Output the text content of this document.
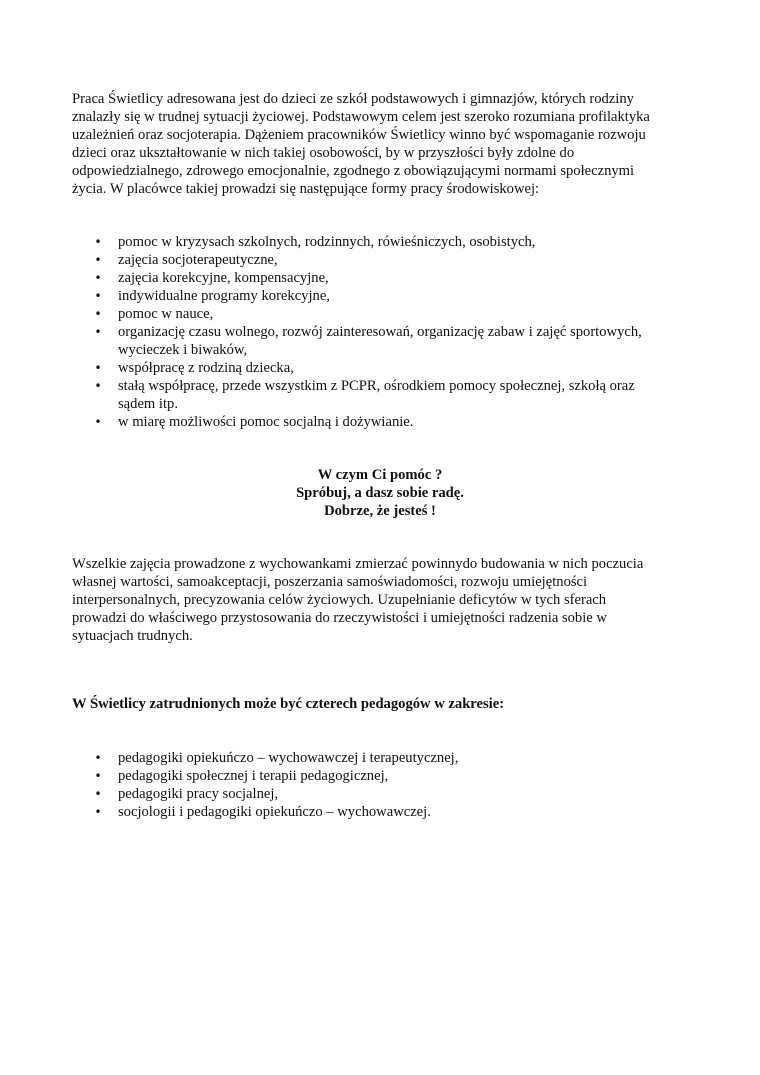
Praca Świetlicy adresowana jest do dzieci ze szkół podstawowych i gimnazjów, których rodziny
znalazły się w trudnej sytuacji życiowej. Podstawowym celem jest szeroko rozumiana profilaktyka
uzależnień oraz socjoterapia. Dążeniem pracowników Świetlicy winno być wspomaganie rozwoju
dzieci oraz ukształtowanie w nich takiej osobowości, by w przyszłości były zdolne do
odpowiedzialnego, zdrowego emocjonalnie, zgodnego z obowiązującymi normami społecznymi
życia. W placówce takiej prowadzi się następujące formy pracy środowiskowej:

• pomoc w kryzysach szkolnych, rodzinnych, rówieśniczych, osobistych,
• zajęcia socjoterapeutyczne,
• zajęcia korekcyjne, kompensacyjne,
• indywidualne programy korekcyjne,
• pomoc w nauce,
• organizację czasu wolnego, rozwój zainteresowań, organizację zabaw i zajęć sportowych,
wycieczek i biwaków,
• współpracę z rodziną dziecka,
• stałą współpracę, przede wszystkim z PCPR, ośrodkiem pomocy społecznej, szkołą oraz
sądem itp.
• w miarę możliwości pomoc socjalną i dożywianie.
W czym Ci pomóc ?
Spróbuj, a dasz sobie radę.
Dobrze, że jesteś !

Wszelkie zajęcia prowadzone z wychowankami zmierzać powinnydo budowania w nich poczucia
własnej wartości, samoakceptacji, poszerzania samoświadomości, rozwoju umiejętności
interpersonalnych, precyzowania celów życiowych. Uzupełnianie deficytów w tych sferach
prowadzi do właściwego przystosowania do rzeczywistości i umiejętności radzenia sobie w
sytuacjach trudnych.

W Świetlicy zatrudnionych może być czterech pedagogów w zakresie:

• pedagogiki opiekuńczo – wychowawczej i terapeutycznej,
• pedagogiki społecznej i terapii pedagogicznej,
• pedagogiki pracy socjalnej,
• socjologii i pedagogiki opiekuńczo – wychowawczej.
